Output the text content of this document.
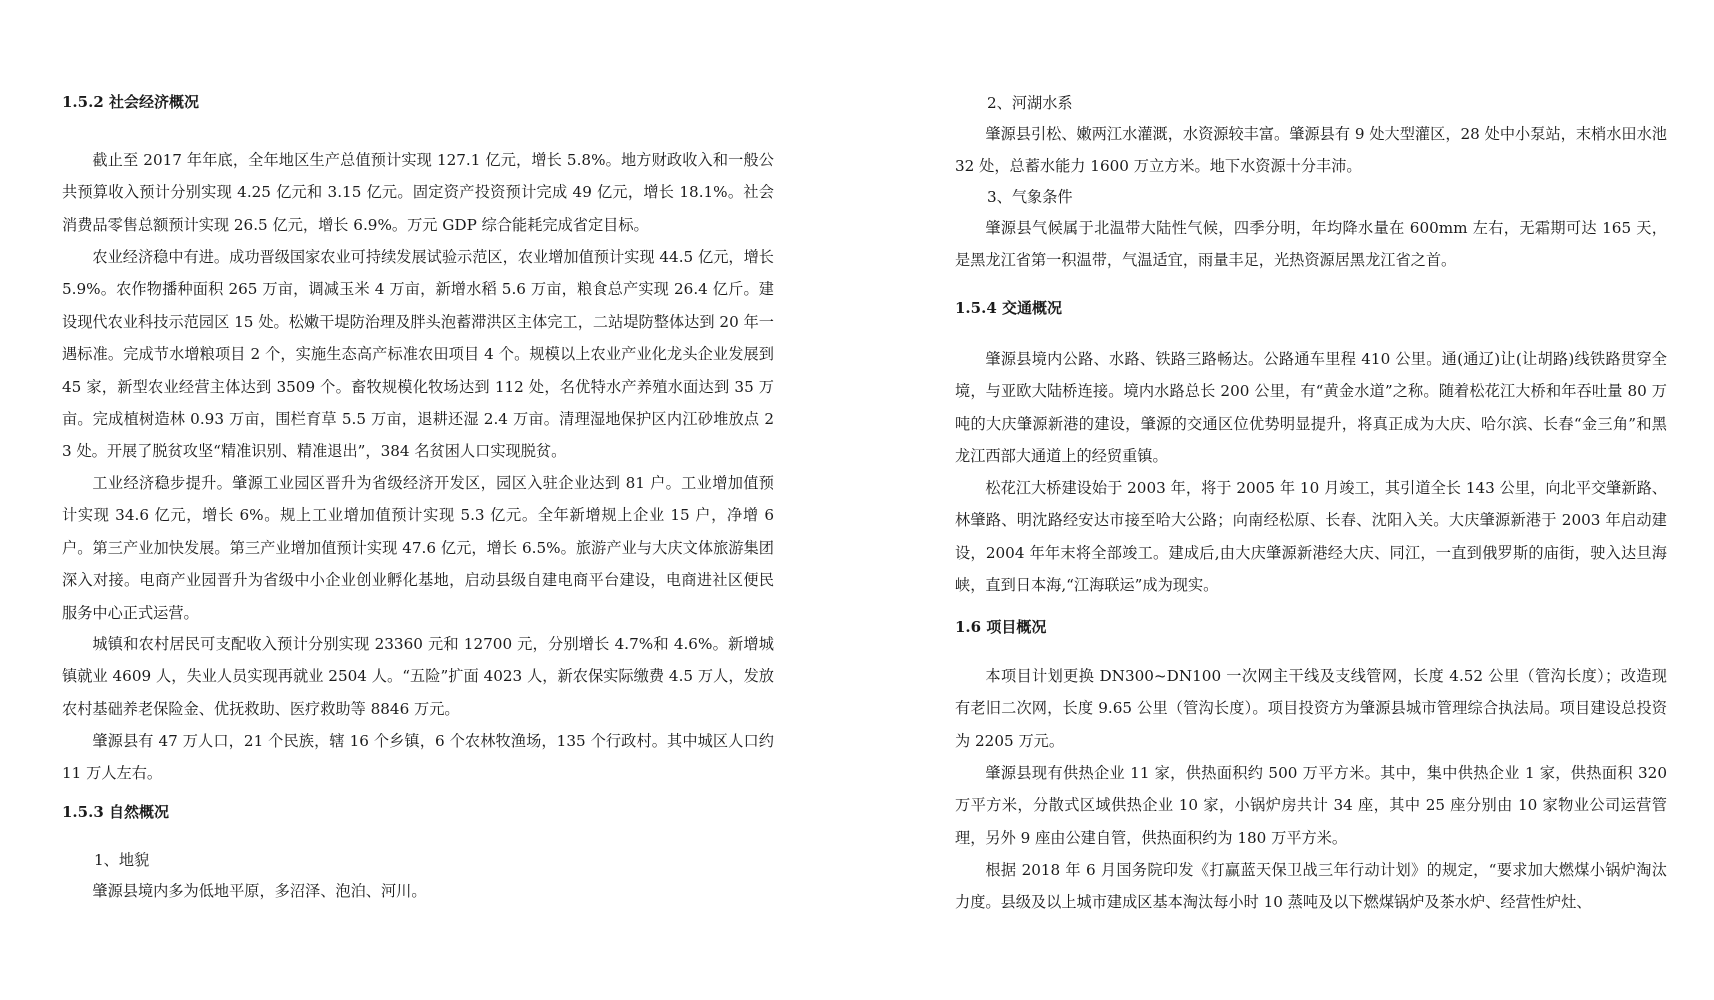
1.5.2 社会经济概况

截止至 2017 年年底，全年地区生产总值预计实现 127.1 亿元，增长 5.8%。地方财政收入和一般公共预算收入预计分别实现 4.25 亿元和 3.15 亿元。固定资产投资预计完成 49 亿元，增长 18.1%。社会消费品零售总额预计实现 26.5 亿元，增长 6.9%。万元 GDP 综合能耗完成省定目标。

农业经济稳中有进。成功晋级国家农业可持续发展试验示范区，农业增加值预计实现 44.5 亿元，增长 5.9%。农作物播种面积 265 万亩，调减玉米 4 万亩，新增水稻 5.6 万亩，粮食总产实现 26.4 亿斤。建设现代农业科技示范园区 15 处。松嫩干堤防治理及胖头泡蓄滞洪区主体完工，二站堤防整体达到 20 年一遇标准。完成节水增粮项目 2 个，实施生态高产标准农田项目 4 个。规模以上农业产业化龙头企业发展到 45 家，新型农业经营主体达到 3509 个。畜牧规模化牧场达到 112 处，名优特水产养殖水面达到 35 万亩。完成植树造林 0.93 万亩，围栏育草 5.5 万亩，退耕还湿 2.4 万亩。清理湿地保护区内江砂堆放点 23 处。开展了脱贫攻坚“精准识别、精准退出”，384 名贫困人口实现脱贫。

工业经济稳步提升。肇源工业园区晋升为省级经济开发区，园区入驻企业达到 81 户。工业增加值预计实现 34.6 亿元，增长 6%。规上工业增加值预计实现 5.3 亿元。全年新增规上企业 15 户，净增 6 户。第三产业加快发展。第三产业增加值预计实现 47.6 亿元，增长 6.5%。旅游产业与大庆文体旅游集团深入对接。电商产业园晋升为省级中小企业创业孵化基地，启动县级自建电商平台建设，电商进社区便民服务中心正式运营。

城镇和农村居民可支配收入预计分别实现 23360 元和 12700 元，分别增长 4.7%和 4.6%。新增城镇就业 4609 人，失业人员实现再就业 2504 人。“五险”扩面 4023 人，新农保实际缴费 4.5 万人，发放农村基础养老保险金、优抚救助、医疗救助等 8846 万元。

肇源县有 47 万人口，21 个民族，辖 16 个乡镇，6 个农林牧渔场，135 个行政村。其中城区人口约 11 万人左右。

1.5.3 自然概况
1、地貌

肇源县境内多为低地平原，多沼泽、泡泊、河川。

2、河湖水系

肇源县引松、嫩两江水灌溉，水资源较丰富。肇源县有 9 处大型灌区，28 处中小泵站，末梢水田水池 32 处，总蓄水能力 1600 万立方米。地下水资源十分丰沛。

3、气象条件

肇源县气候属于北温带大陆性气候，四季分明，年均降水量在 600mm 左右，无霜期可达 165 天，是黑龙江省第一积温带，气温适宜，雨量丰足，光热资源居黑龙江省之首。

1.5.4 交通概况

肇源县境内公路、水路、铁路三路畅达。公路通车里程 410 公里。通(通辽)让(让胡路)线铁路贯穿全境，与亚欧大陆桥连接。境内水路总长 200 公里，有“黄金水道”之称。随着松花江大桥和年吞吐量 80 万吨的大庆肇源新港的建设，肇源的交通区位优势明显提升，将真正成为大庆、哈尔滨、长春“金三角”和黑龙江西部大通道上的经贸重镇。

松花江大桥建设始于 2003 年，将于 2005 年 10 月竣工，其引道全长 143 公里，向北平交肇新路、林肇路、明沈路经安达市接至哈大公路；向南经松原、长春、沈阳入关。大庆肇源新港于 2003 年启动建设，2004 年年末将全部竣工。建成后,由大庆肇源新港经大庆、同江，一直到俄罗斯的庙街，驶入达旦海峡，直到日本海,“江海联运”成为现实。

1.6 项目概况

本项目计划更换 DN300~DN100 一次网主干线及支线管网，长度 4.52 公里（管沟长度）；改造现有老旧二次网，长度 9.65 公里（管沟长度）。项目投资方为肇源县城市管理综合执法局。项目建设总投资为 2205 万元。

肇源县现有供热企业 11 家，供热面积约 500 万平方米。其中，集中供热企业 1 家，供热面积 320 万平方米，分散式区域供热企业 10 家，小锅炉房共计 34 座，其中 25 座分别由 10 家物业公司运营管理，另外 9 座由公建自管，供热面积约为 180 万平方米。

根据 2018 年 6 月国务院印发《打赢蓝天保卫战三年行动计划》的规定，“要求加大燃煤小锅炉淘汰力度。县级及以上城市建成区基本淘汰每小时 10 蒸吨及以下燃煤锅炉及茶水炉、经营性炉灶、
